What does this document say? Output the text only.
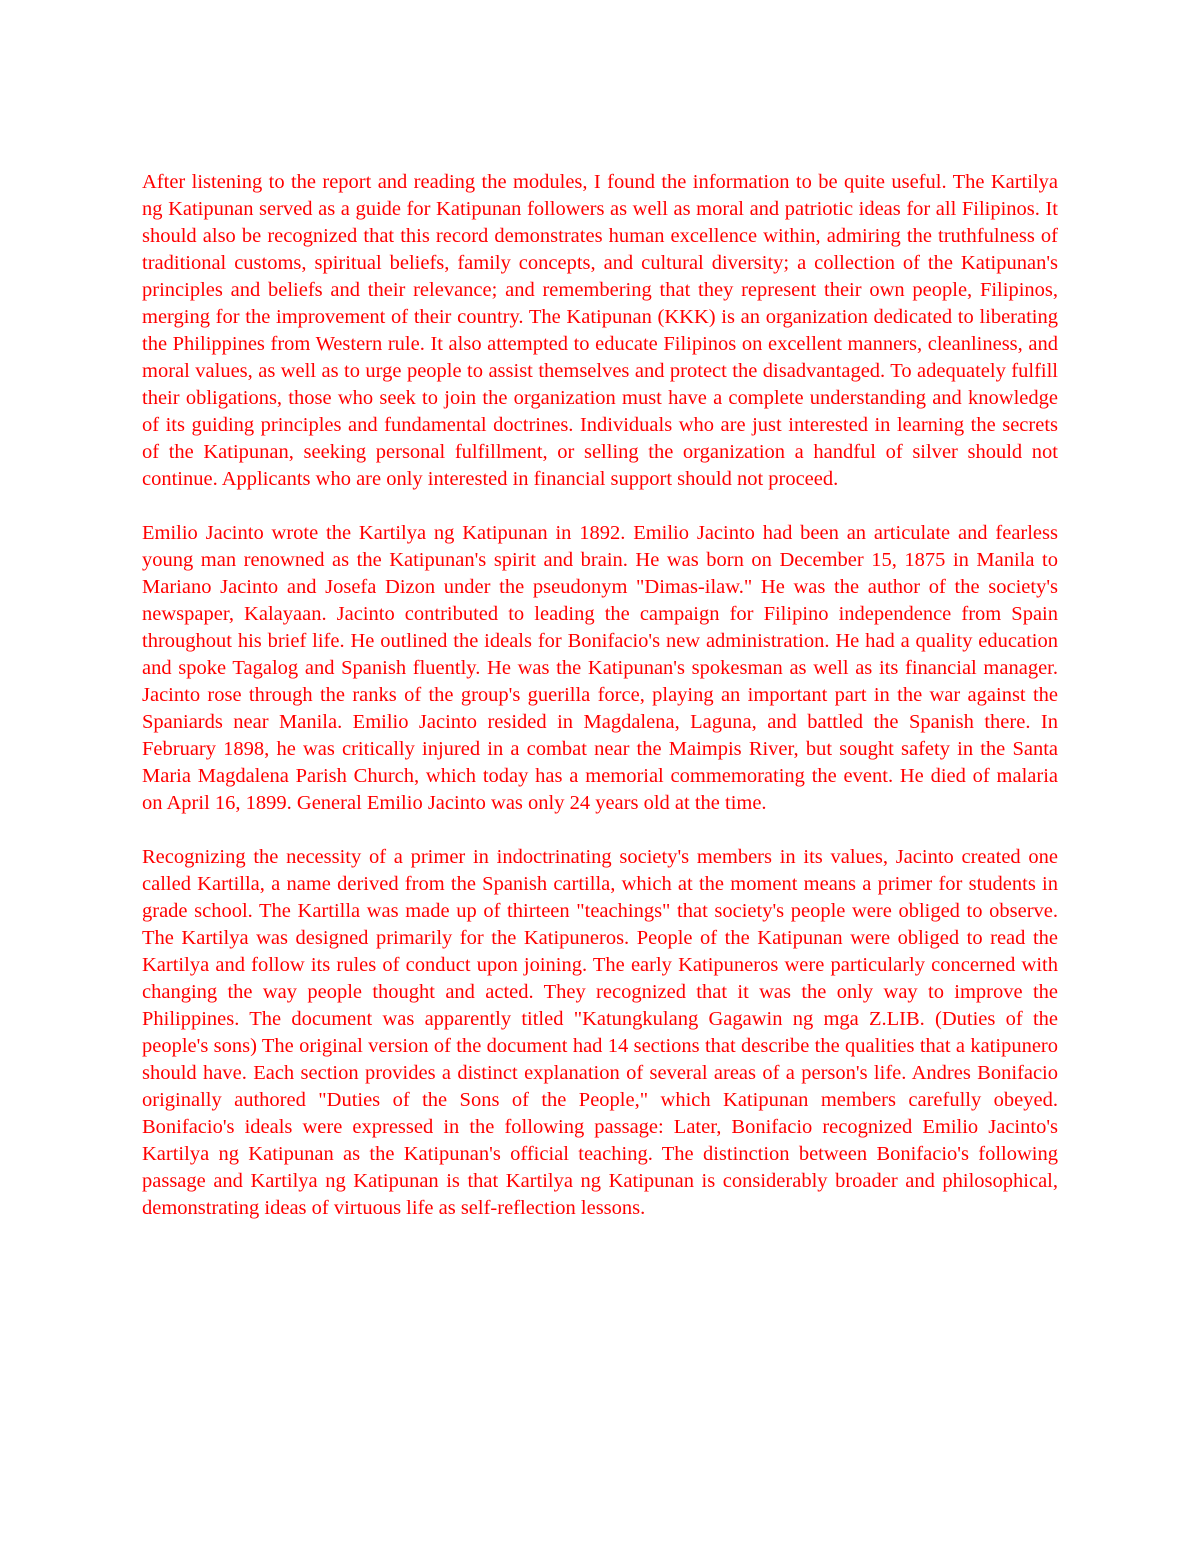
After listening to the report and reading the modules, I found the information to be quite useful. The Kartilya ng Katipunan served as a guide for Katipunan followers as well as moral and patriotic ideas for all Filipinos. It should also be recognized that this record demonstrates human excellence within, admiring the truthfulness of traditional customs, spiritual beliefs, family concepts, and cultural diversity; a collection of the Katipunan's principles and beliefs and their relevance; and remembering that they represent their own people, Filipinos, merging for the improvement of their country. The Katipunan (KKK) is an organization dedicated to liberating the Philippines from Western rule. It also attempted to educate Filipinos on excellent manners, cleanliness, and moral values, as well as to urge people to assist themselves and protect the disadvantaged. To adequately fulfill their obligations, those who seek to join the organization must have a complete understanding and knowledge of its guiding principles and fundamental doctrines. Individuals who are just interested in learning the secrets of the Katipunan, seeking personal fulfillment, or selling the organization a handful of silver should not continue. Applicants who are only interested in financial support should not proceed.

Emilio Jacinto wrote the Kartilya ng Katipunan in 1892. Emilio Jacinto had been an articulate and fearless young man renowned as the Katipunan's spirit and brain. He was born on December 15, 1875 in Manila to Mariano Jacinto and Josefa Dizon under the pseudonym "Dimas-ilaw." He was the author of the society's newspaper, Kalayaan. Jacinto contributed to leading the campaign for Filipino independence from Spain throughout his brief life. He outlined the ideals for Bonifacio's new administration. He had a quality education and spoke Tagalog and Spanish fluently. He was the Katipunan's spokesman as well as its financial manager. Jacinto rose through the ranks of the group's guerilla force, playing an important part in the war against the Spaniards near Manila. Emilio Jacinto resided in Magdalena, Laguna, and battled the Spanish there. In February 1898, he was critically injured in a combat near the Maimpis River, but sought safety in the Santa Maria Magdalena Parish Church, which today has a memorial commemorating the event. He died of malaria on April 16, 1899. General Emilio Jacinto was only 24 years old at the time.

Recognizing the necessity of a primer in indoctrinating society's members in its values, Jacinto created one called Kartilla, a name derived from the Spanish cartilla, which at the moment means a primer for students in grade school. The Kartilla was made up of thirteen "teachings" that society's people were obliged to observe. The Kartilya was designed primarily for the Katipuneros. People of the Katipunan were obliged to read the Kartilya and follow its rules of conduct upon joining. The early Katipuneros were particularly concerned with changing the way people thought and acted. They recognized that it was the only way to improve the Philippines. The document was apparently titled "Katungkulang Gagawin ng mga Z.LIB. (Duties of the people's sons) The original version of the document had 14 sections that describe the qualities that a katipunero should have. Each section provides a distinct explanation of several areas of a person's life. Andres Bonifacio originally authored "Duties of the Sons of the People," which Katipunan members carefully obeyed. Bonifacio's ideals were expressed in the following passage: Later, Bonifacio recognized Emilio Jacinto's Kartilya ng Katipunan as the Katipunan's official teaching. The distinction between Bonifacio's following passage and Kartilya ng Katipunan is that Kartilya ng Katipunan is considerably broader and philosophical, demonstrating ideas of virtuous life as self-reflection lessons.
